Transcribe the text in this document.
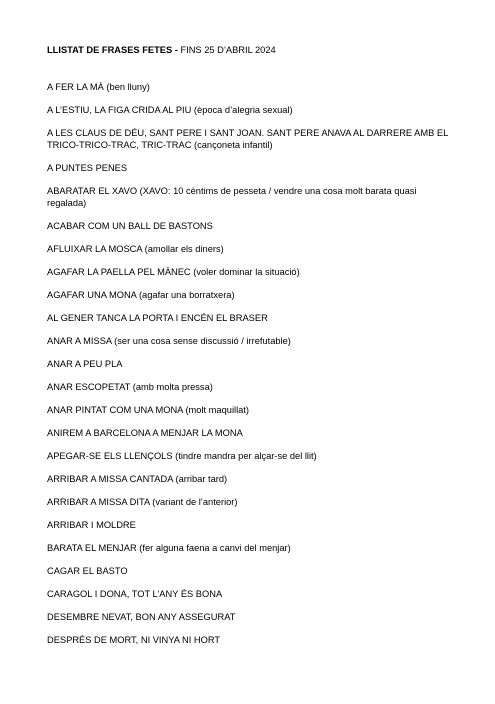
LLISTAT DE FRASES FETES - FINS 25 D’ABRIL 2024
A FER LA MÀ (ben lluny)
A L’ESTIU, LA FIGA CRIDA AL PIU (època d’alegria sexual)
A LES CLAUS DE DÉU, SANT PERE I SANT JOAN. SANT PERE ANAVA AL DARRERE AMB EL TRICO-TRICO-TRAC, TRIC-TRAC (cançoneta infantil)
A PUNTES PENES
ABARATAR EL XAVO (XAVO: 10 cèntims de pesseta / vendre una cosa molt barata quasi regalada)
ACABAR COM UN BALL DE BASTONS
AFLUIXAR LA MOSCA (amollar els diners)
AGAFAR LA PAELLA PEL MÀNEC (voler dominar la situació)
AGAFAR UNA MONA (agafar una borratxera)
AL GENER TANCA LA PORTA I ENCÉN EL BRASER
ANAR A MISSA (ser una cosa sense discussió / irrefutable)
ANAR A PEU PLA
ANAR ESCOPETAT (amb molta pressa)
ANAR PINTAT COM UNA MONA (molt maquillat)
ANIREM A BARCELONA A MENJAR LA MONA
APEGAR-SE ELS LLENÇOLS (tindre mandra per alçar-se del llit)
ARRIBAR A MISSA CANTADA (arribar tard)
ARRIBAR A MISSA DITA (variant de l’anterior)
ARRIBAR I MOLDRE
BARATA EL MENJAR (fer alguna faena a canvi del menjar)
CAGAR EL BASTO
CARAGOL I DONA, TOT L’ANY ÉS BONA
DESEMBRE NEVAT, BON ANY ASSEGURAT
DESPRÉS DE MORT, NI VINYA NI HORT
